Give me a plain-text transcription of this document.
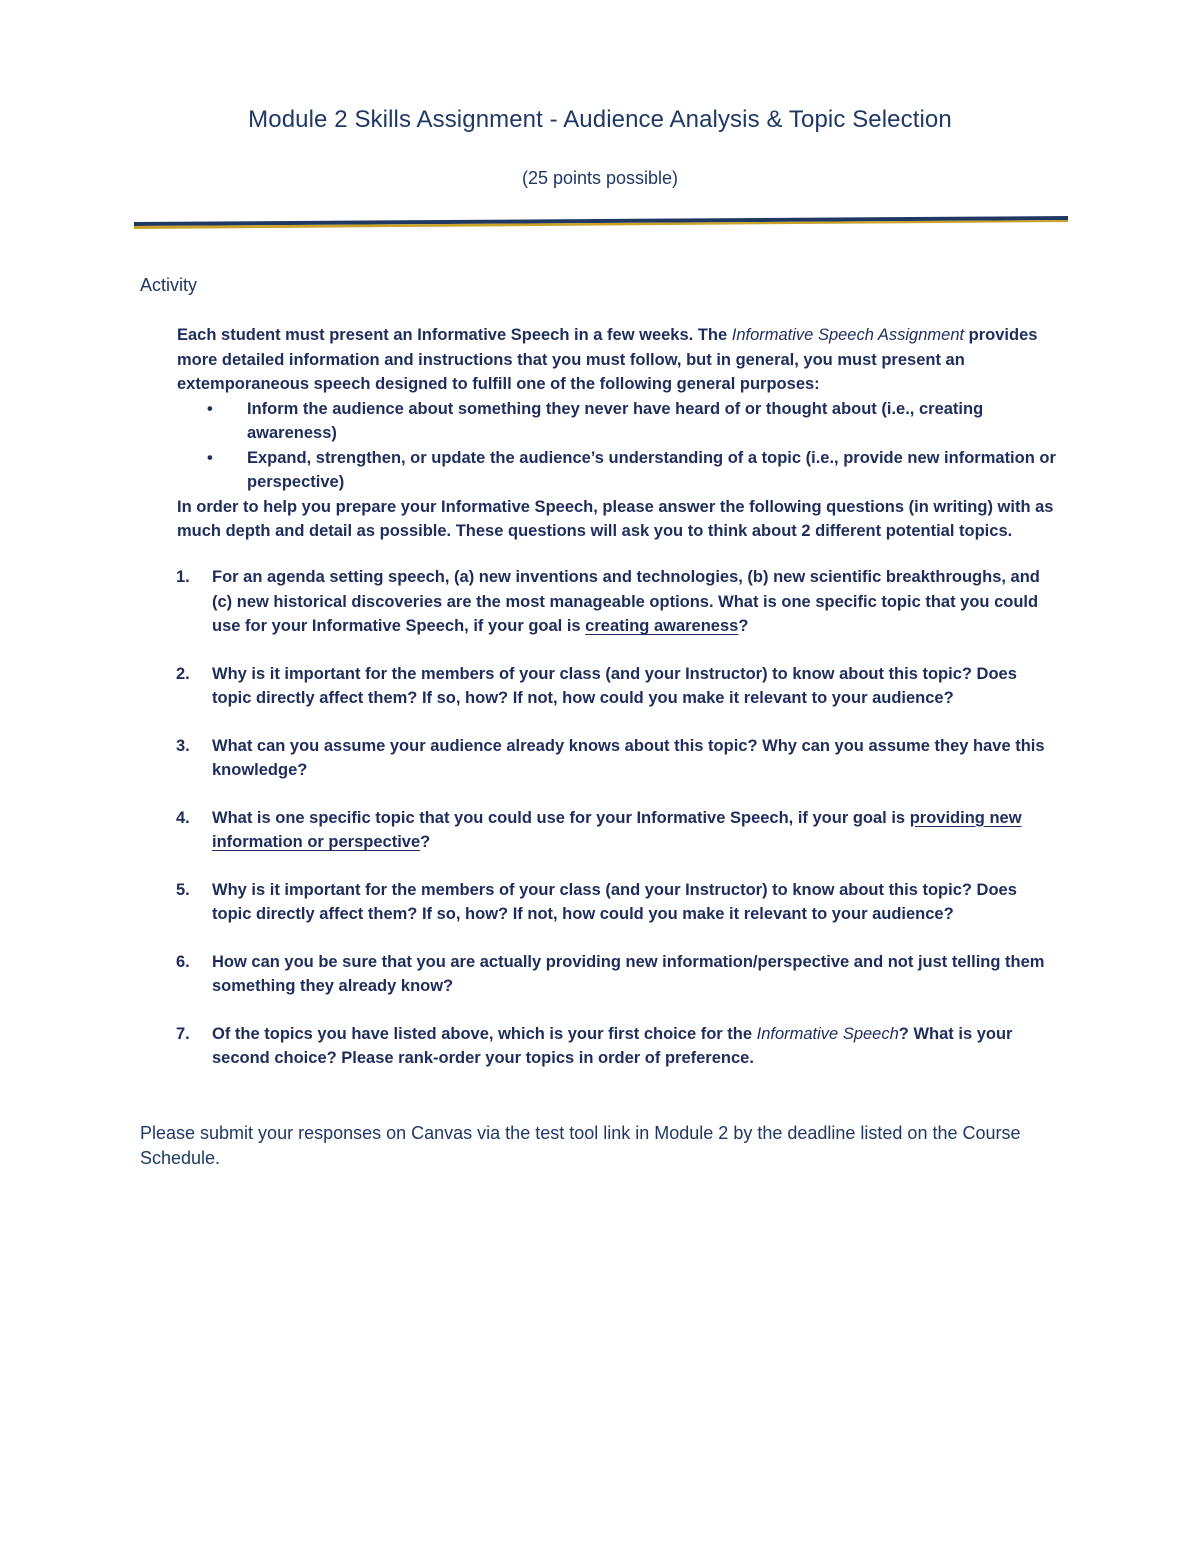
Module 2 Skills Assignment - Audience Analysis & Topic Selection
(25 points possible)
Activity

Each student must present an Informative Speech in a few weeks. The Informative Speech Assignment provides more detailed information and instructions that you must follow, but in general, you must present an extemporaneous speech designed to fulfill one of the following general purposes:

• Inform the audience about something they never have heard of or thought about (i.e., creating awareness)
• Expand, strengthen, or update the audience’s understanding of a topic (i.e., provide new information or perspective)

In order to help you prepare your Informative Speech, please answer the following questions (in writing) with as much depth and detail as possible. These questions will ask you to think about 2 different potential topics.

1. For an agenda setting speech, (a) new inventions and technologies, (b) new scientific breakthroughs, and (c) new historical discoveries are the most manageable options. What is one specific topic that you could use for your Informative Speech, if your goal is creating awareness?
2. Why is it important for the members of your class (and your Instructor) to know about this topic? Does topic directly affect them? If so, how? If not, how could you make it relevant to your audience?
3. What can you assume your audience already knows about this topic? Why can you assume they have this knowledge?
4. What is one specific topic that you could use for your Informative Speech, if your goal is providing new information or perspective?
5. Why is it important for the members of your class (and your Instructor) to know about this topic? Does topic directly affect them? If so, how? If not, how could you make it relevant to your audience?
6. How can you be sure that you are actually providing new information/perspective and not just telling them something they already know?
7. Of the topics you have listed above, which is your first choice for the Informative Speech? What is your second choice? Please rank-order your topics in order of preference.
Please submit your responses on Canvas via the test tool link in Module 2 by the deadline listed on the Course Schedule.
